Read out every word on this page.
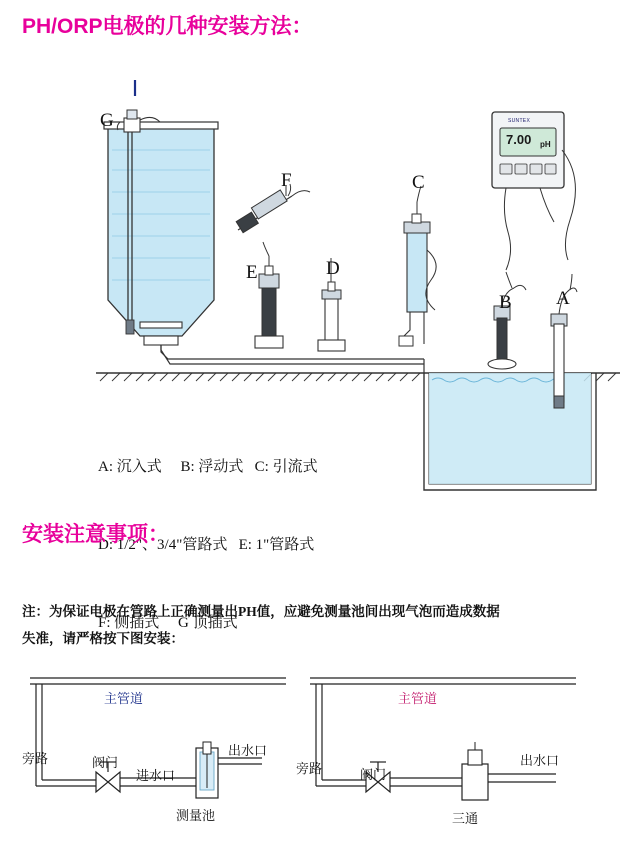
PH/ORP电极的几种安装方法：
SUNTEX
7.00 pH
G
F	C
E	D
B A

A: 沉入式     B: 浮动式   C: 引流式

D: 1/2"、3/4"管路式   E: 1"管路式

F: 侧插式     G 顶插式

安装注意事项：
注：为保证电极在管路上正确测量出PH值，应避免测量池间出现气泡而造成数据
失准，请严格按下图安装：
主管道
旁路	阀门
进水口
出水口
测量池
主管道
旁路	阀门
出水口
三通
